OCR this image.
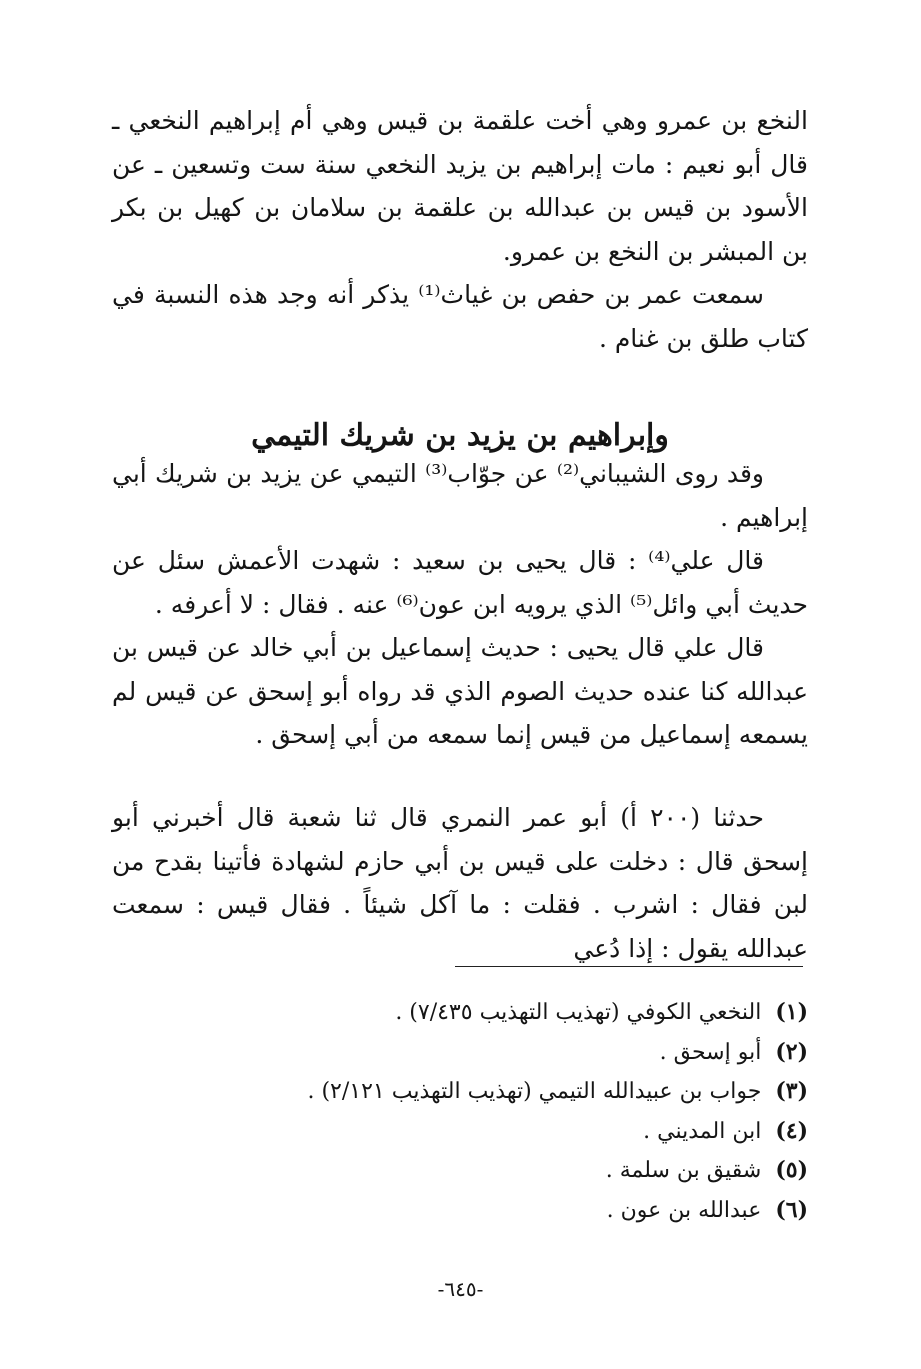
النخع بن عمرو وهي أخت علقمة بن قيس وهي أم إبراهيم النخعي ـ قال أبو نعيم : مات إبراهيم بن يزيد النخعي سنة ست وتسعين ـ عن الأسود بن قيس بن عبدالله بن علقمة بن سلامان بن كهيل بن بكر بن المبشر بن النخع بن عمرو.

سمعت عمر بن حفص بن غياث⁽¹⁾ يذكر أنه وجد هذه النسبة في كتاب طلق بن غنام .

وإبراهيم بن يزيد بن شريك التيمي

وقد روى الشيباني⁽²⁾ عن جوّاب⁽³⁾ التيمي عن يزيد بن شريك أبي إبراهيم .

قال علي⁽⁴⁾ : قال يحيى بن سعيد : شهدت الأعمش سئل عن حديث أبي وائل⁽⁵⁾ الذي يرويه ابن عون⁽⁶⁾ عنه . فقال : لا أعرفه .

قال علي قال يحيى : حديث إسماعيل بن أبي خالد عن قيس بن عبدالله كنا عنده حديث الصوم الذي قد رواه أبو إسحق عن قيس لم يسمعه إسماعيل من قيس إنما سمعه من أبي إسحق .

حدثنا (٢٠٠ أ) أبو عمر النمري قال ثنا شعبة قال أخبرني أبو إسحق قال : دخلت على قيس بن أبي حازم لشهادة فأتينا بقدح من لبن فقال : اشرب . فقلت : ما آكل شيئاً . فقال قيس : سمعت عبدالله يقول : إذا دُعي

(١)النخعي الكوفي (تهذيب التهذيب ٧/٤٣٥) .
(٢)أبو إسحق .
(٣)جواب بن عبيدالله التيمي (تهذيب التهذيب ٢/١٢١) .
(٤)ابن المديني .
(٥)شقيق بن سلمة .
(٦)عبدالله بن عون .
-٦٤٥-
